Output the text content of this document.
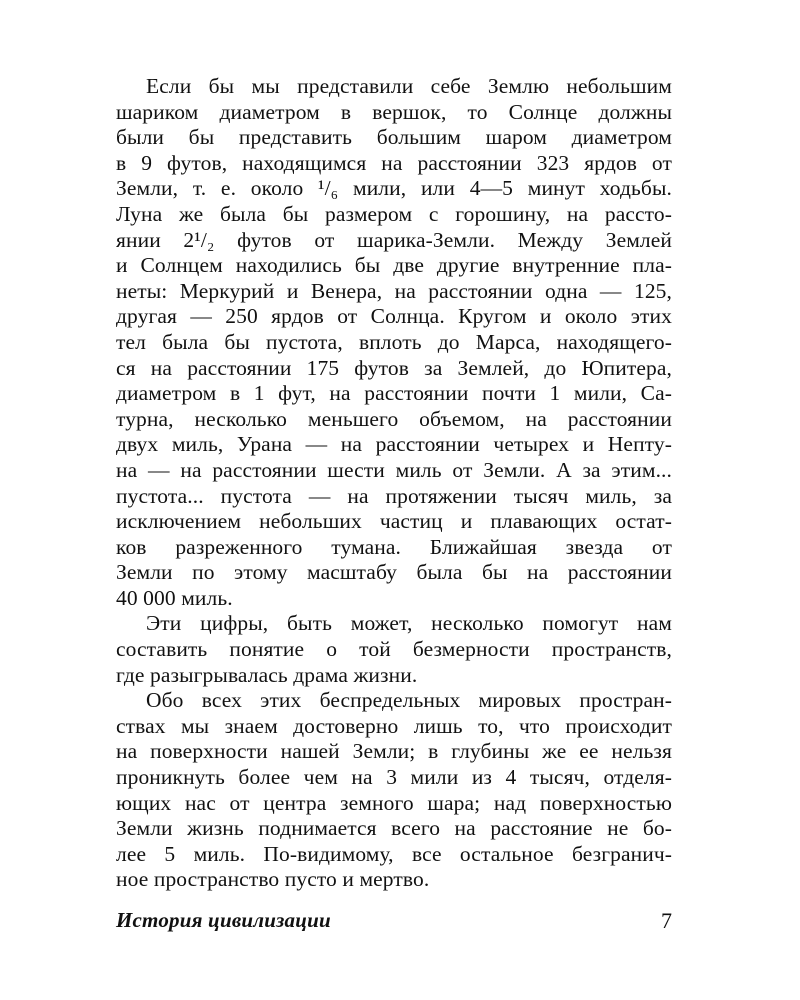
Если бы мы представили себе Землю небольшим
шариком диаметром в вершок, то Солнце должны
были бы представить большим шаром диаметром
в 9 футов, находящимся на расстоянии 323 ярдов от
Земли, т. е. около ¹/₆ мили, или 4—5 минут ходьбы.
Луна же была бы размером с горошину, на рассто-
янии 2¹/₂ футов от шарика-Земли. Между Землей
и Солнцем находились бы две другие внутренние пла-
неты: Меркурий и Венера, на расстоянии одна — 125,
другая — 250 ярдов от Солнца. Кругом и около этих
тел была бы пустота, вплоть до Марса, находящего-
ся на расстоянии 175 футов за Землей, до Юпитера,
диаметром в 1 фут, на расстоянии почти 1 мили, Са-
турна, несколько меньшего объемом, на расстоянии
двух миль, Урана — на расстоянии четырех и Непту-
на — на расстоянии шести миль от Земли. А за этим...
пустота... пустота — на протяжении тысяч миль, за
исключением небольших частиц и плавающих остат-
ков разреженного тумана. Ближайшая звезда от
Земли по этому масштабу была бы на расстоянии
40 000 миль.
Эти цифры, быть может, несколько помогут нам
составить понятие о той безмерности пространств,
где разыгрывалась драма жизни.
Обо всех этих беспредельных мировых простран-
ствах мы знаем достоверно лишь то, что происходит
на поверхности нашей Земли; в глубины же ее нельзя
проникнуть более чем на 3 мили из 4 тысяч, отделя-
ющих нас от центра земного шара; над поверхностью
Земли жизнь поднимается всего на расстояние не бо-
лее 5 миль. По-видимому, все остальное безгранич-
ное пространство пусто и мертво.
История цивилизации	7
